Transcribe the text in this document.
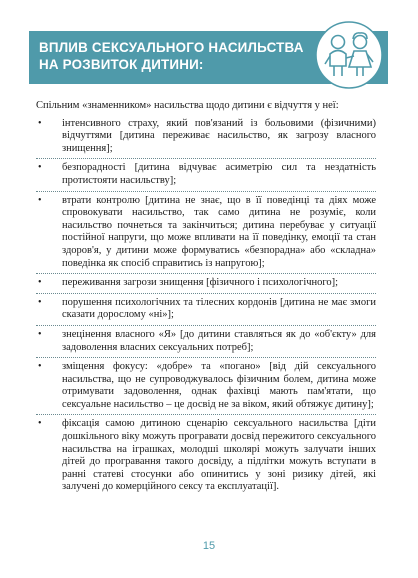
ВПЛИВ СЕКСУАЛЬНОГО НАСИЛЬСТВА
НА РОЗВИТОК ДИТИНИ:

Спільним «знаменником» насильства щодо дитини є відчуття у неї:

• інтенсивного страху, який пов'язаний із больовими (фізичними) відчуттями [дитина переживає насильство, як загрозу власного знищення];
• безпорадності [дитина відчуває асиметрію сил та нездатність протистояти насильству];
• втрати контролю [дитина не знає, що в її поведінці та діях може спровокувати насильство, так само дитина не розуміє, коли насильство почнеться та закінчиться; дитина перебуває у ситуації постійної напруги, що може впливати на її поведінку, емоції та стан здоров'я, у дитини може формуватись «безпорадна» або «складна» поведінка як спосіб справитись із напругою];
• переживання загрози знищення [фізичного і психологічного];
• порушення психологічних та тілесних кордонів [дитина не має змоги сказати дорослому «ні»];
• знецінення власного «Я» [до дитини ставляться як до «об'єкту» для задоволення власних сексуальних потреб];
• зміщення фокусу: «добре» та «погано» [від дій сексуального насильства, що не супроводжувалось фізичним болем, дитина може отримувати задоволення, однак фахівці мають пам'ятати, що сексуальне насильство – це досвід не за віком, який обтяжує дитину];
• фіксація самою дитиною сценарію сексуального насильства [діти дошкільного віку можуть програвати досвід пережитого сексуального насильства на іграшках, молодші школярі можуть залучати інших дітей до програвання такого досвіду, а підлітки можуть вступати в ранні статеві стосунки або опинитись у зоні ризику дітей, які залучені до комерційного сексу та експлуатації].
15
